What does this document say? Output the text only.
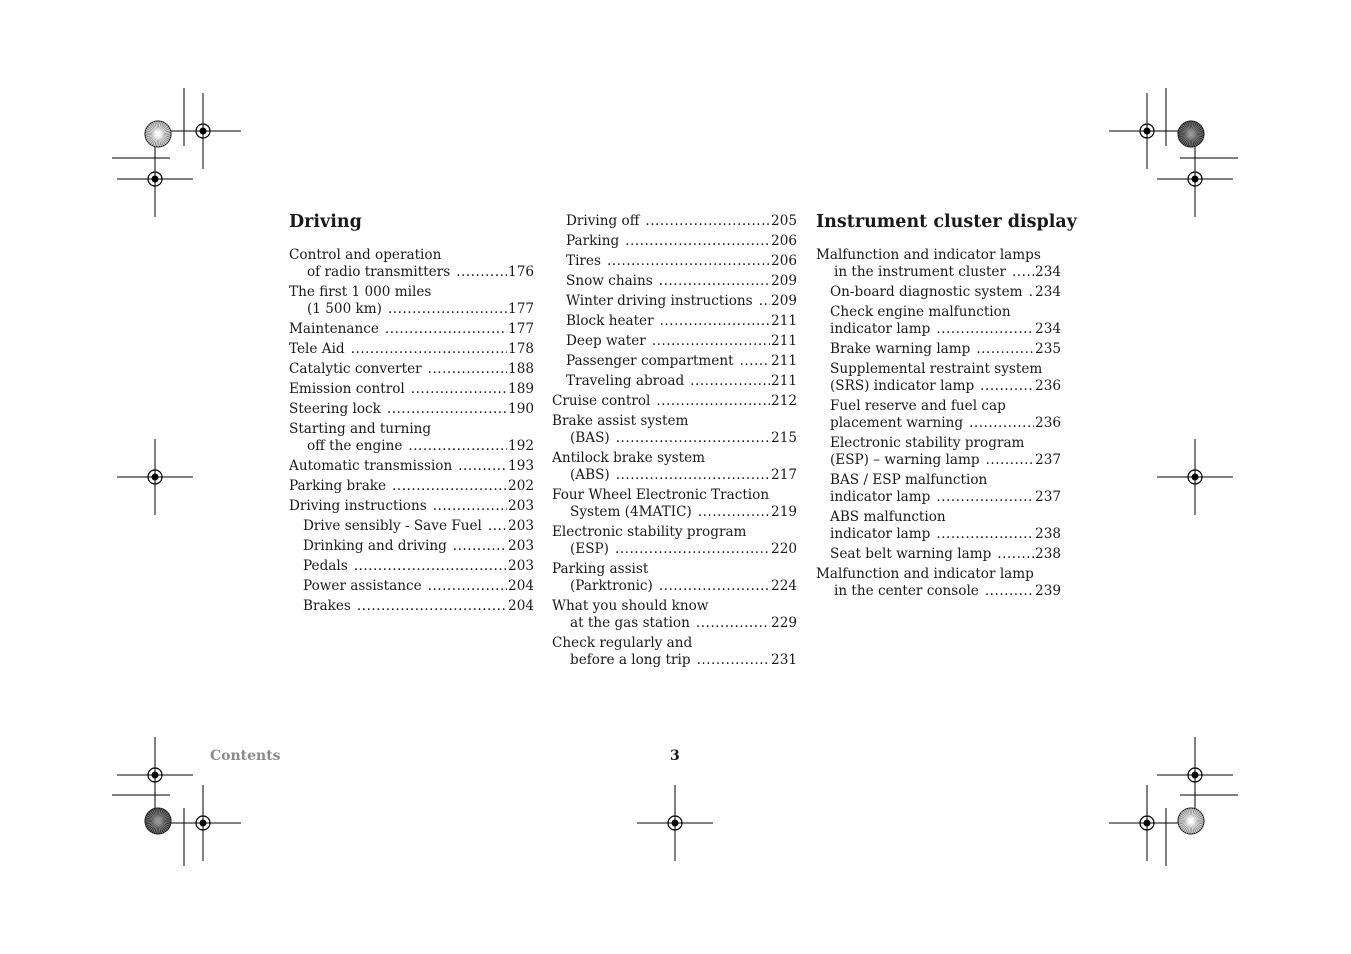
Driving
Control and operation
of radio transmitters .....	176
The first 1 000 miles
(1 500 km) .....	177
Maintenance .....	177
Tele Aid .....	178
Catalytic converter .....	188
Emission control .....	189
Steering lock .....	190
Starting and turning
off the engine .....	192
Automatic transmission .....	193
Parking brake .....	202
Driving instructions .....	203
Drive sensibly - Save Fuel ..... 203
Drinking and driving .....	203
Pedals .....	203
Power assistance .....	204
Brakes .....	204
Driving off .....	205
Parking .....	206
Tires .....	206
Snow chains .....	209
Winter driving instructions ..... 209
Block heater .....	211
Deep water .....	211
Passenger compartment .....	211
Traveling abroad .....	211
Cruise control .....	212
Brake assist system
(BAS) .....	215
Antilock brake system
(ABS) .....	217
Four Wheel Electronic Traction
System (4MATIC) .....	219
Electronic stability program
(ESP) .....	220
Parking assist
(Parktronic) .....	224
What you should know
at the gas station .....	229
Check regularly and
before a long trip .....	231
Instrument cluster display
Malfunction and indicator lamps
in the instrument cluster ..... 234
On-board diagnostic system ..... 234
Check engine malfunction
indicator lamp .....	234
Brake warning lamp .....	235
Supplemental restraint system
(SRS) indicator lamp .....	236
Fuel reserve and fuel cap
placement warning .....	236
Electronic stability program
(ESP) – warning lamp .....	237
BAS / ESP malfunction
indicator lamp .....	237
ABS malfunction
indicator lamp .....	238
Seat belt warning lamp .....	238
Malfunction and indicator lamp
in the center console .....	239
Contents	3
